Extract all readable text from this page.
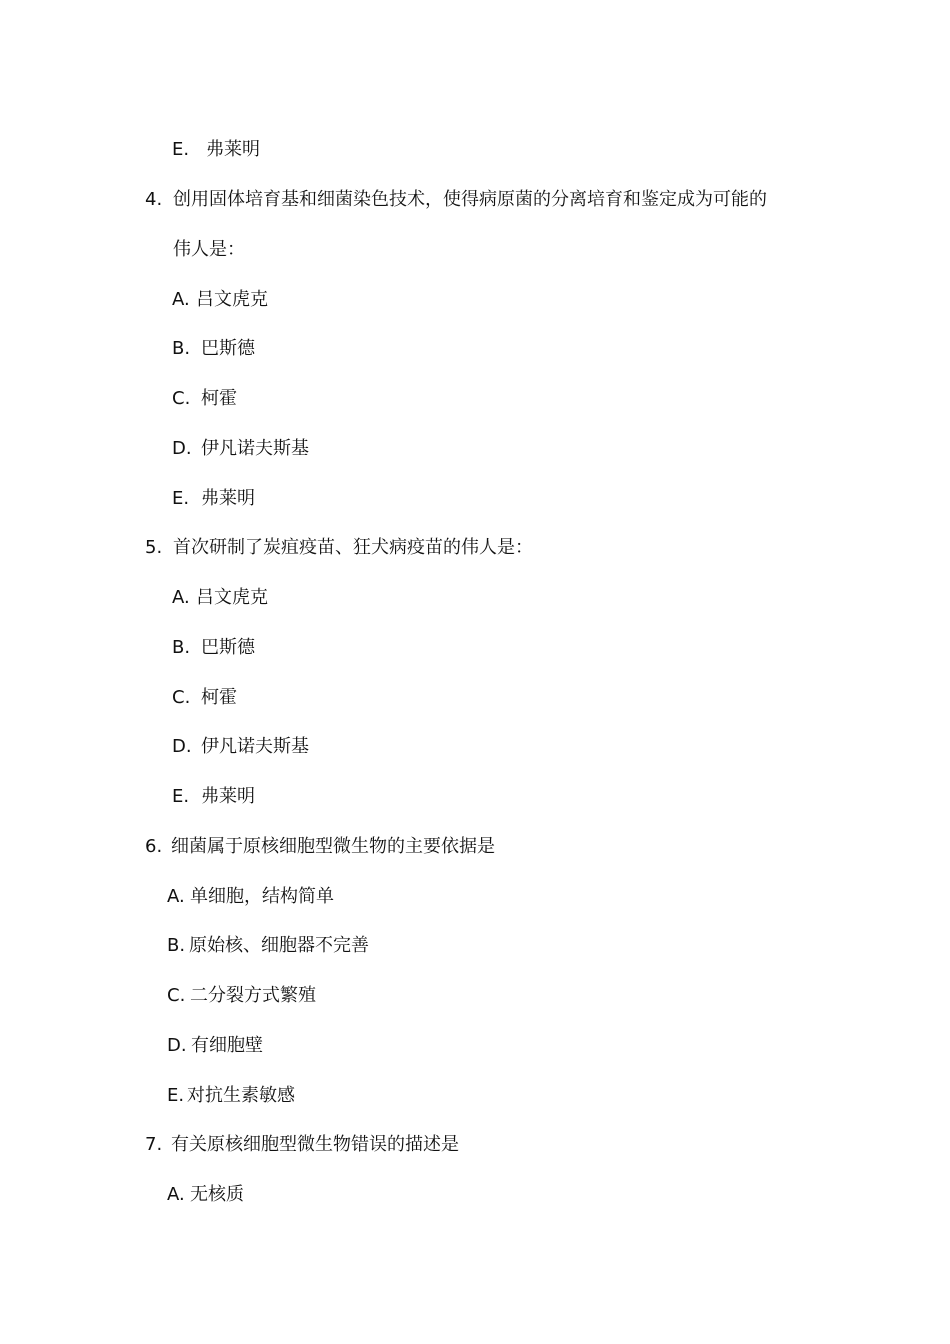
E. 弗莱明
4. 创用固体培育基和细菌染色技术，使得病原菌的分离培育和鉴定成为可能的
伟人是：
A. 吕文虎克
B. 巴斯德
C. 柯霍
D. 伊凡诺夫斯基
E. 弗莱明
5. 首次研制了炭疽疫苗、狂犬病疫苗的伟人是：
A. 吕文虎克
B. 巴斯德
C. 柯霍
D. 伊凡诺夫斯基
E. 弗莱明
6. 细菌属于原核细胞型微生物的主要依据是
A. 单细胞，结构简单
B. 原始核、细胞器不完善
C. 二分裂方式繁殖
D. 有细胞壁
E. 对抗生素敏感
7. 有关原核细胞型微生物错误的描述是
A. 无核质
